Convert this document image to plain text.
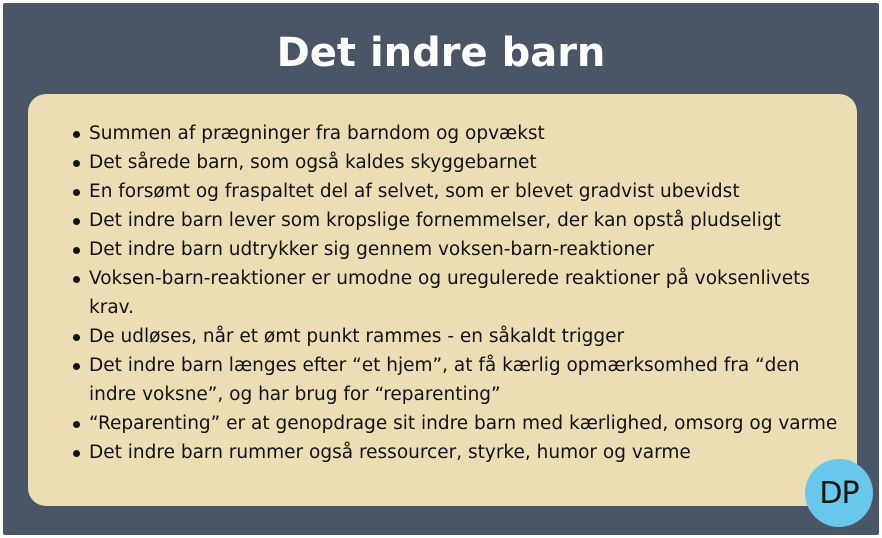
Det indre barn
Summen af prægninger fra barndom og opvækst
Det sårede barn, som også kaldes skyggebarnet
En forsømt og fraspaltet del af selvet, som er blevet gradvist ubevidst
Det indre barn lever som kropslige fornemmelser, der kan opstå pludseligt
Det indre barn udtrykker sig gennem voksen-barn-reaktioner
Voksen-barn-reaktioner er umodne og uregulerede reaktioner på voksenlivets krav.
De udløses, når et ømt punkt rammes - en såkaldt trigger
Det indre barn længes efter “et hjem”, at få kærlig opmærksomhed fra “den indre voksne”, og har brug for “reparenting”
“Reparenting” er at genopdrage sit indre barn med kærlighed, omsorg og varme
Det indre barn rummer også ressourcer, styrke, humor og varme
DP
